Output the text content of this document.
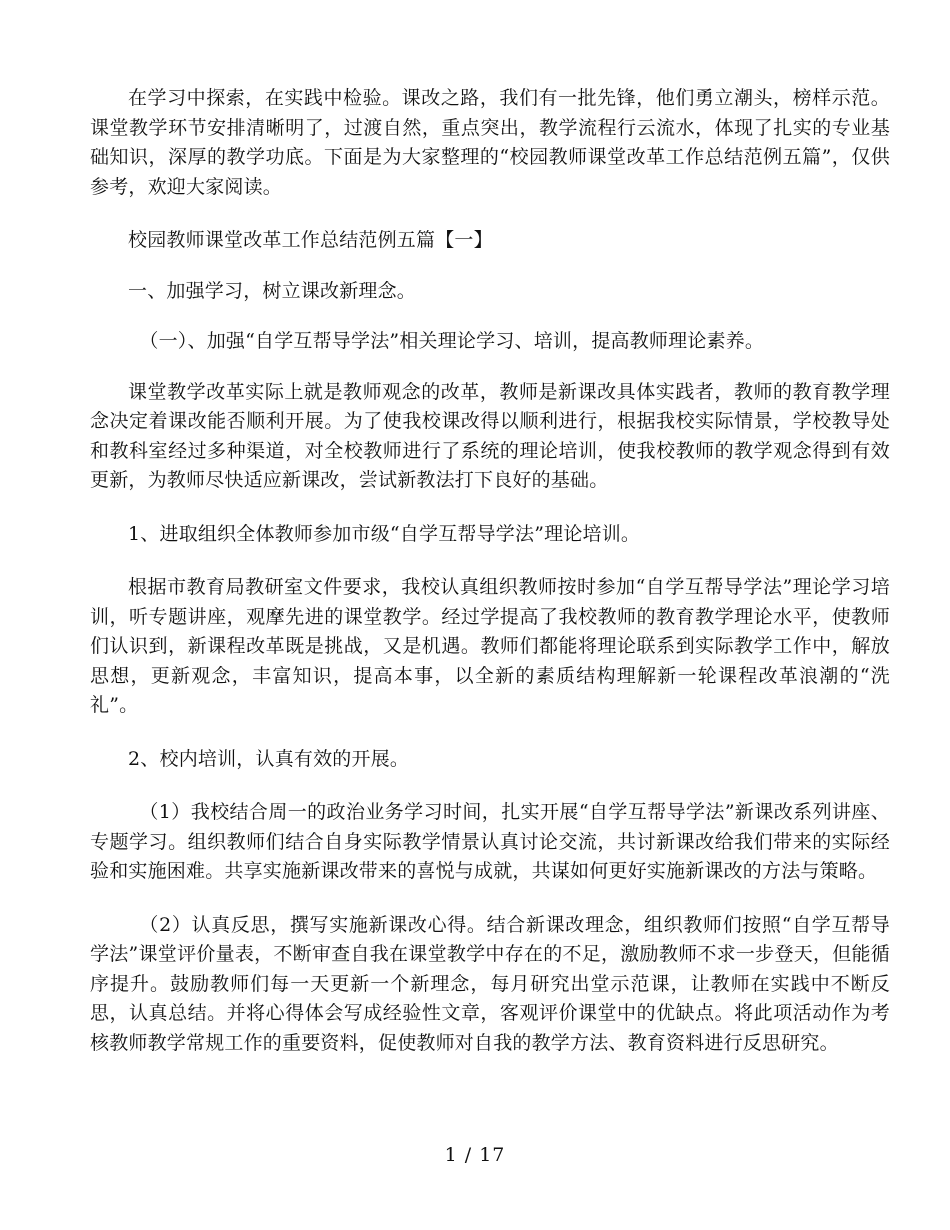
在学习中探索，在实践中检验。课改之路，我们有一批先锋，他们勇立潮头，榜样示范。课堂教学环节安排清晰明了，过渡自然，重点突出，教学流程行云流水，体现了扎实的专业基础知识，深厚的教学功底。下面是为大家整理的“校园教师课堂改革工作总结范例五篇”，仅供参考，欢迎大家阅读。

校园教师课堂改革工作总结范例五篇【一】

一、加强学习，树立课改新理念。

（一）、加强“自学互帮导学法”相关理论学习、培训，提高教师理论素养。

课堂教学改革实际上就是教师观念的改革，教师是新课改具体实践者，教师的教育教学理念决定着课改能否顺利开展。为了使我校课改得以顺利进行，根据我校实际情景，学校教导处和教科室经过多种渠道，对全校教师进行了系统的理论培训，使我校教师的教学观念得到有效更新，为教师尽快适应新课改，尝试新教法打下良好的基础。

1、进取组织全体教师参加市级“自学互帮导学法”理论培训。

根据市教育局教研室文件要求，我校认真组织教师按时参加“自学互帮导学法”理论学习培训，听专题讲座，观摩先进的课堂教学。经过学提高了我校教师的教育教学理论水平，使教师们认识到，新课程改革既是挑战，又是机遇。教师们都能将理论联系到实际教学工作中，解放思想，更新观念，丰富知识，提高本事，以全新的素质结构理解新一轮课程改革浪潮的“洗礼”。

2、校内培训，认真有效的开展。

（1）我校结合周一的政治业务学习时间，扎实开展“自学互帮导学法”新课改系列讲座、专题学习。组织教师们结合自身实际教学情景认真讨论交流，共讨新课改给我们带来的实际经验和实施困难。共享实施新课改带来的喜悦与成就，共谋如何更好实施新课改的方法与策略。

（2）认真反思，撰写实施新课改心得。结合新课改理念，组织教师们按照“自学互帮导学法”课堂评价量表，不断审查自我在课堂教学中存在的不足，激励教师不求一步登天，但能循序提升。鼓励教师们每一天更新一个新理念，每月研究出堂示范课，让教师在实践中不断反思，认真总结。并将心得体会写成经验性文章，客观评价课堂中的优缺点。将此项活动作为考核教师教学常规工作的重要资料，促使教师对自我的教学方法、教育资料进行反思研究。

1 / 17
